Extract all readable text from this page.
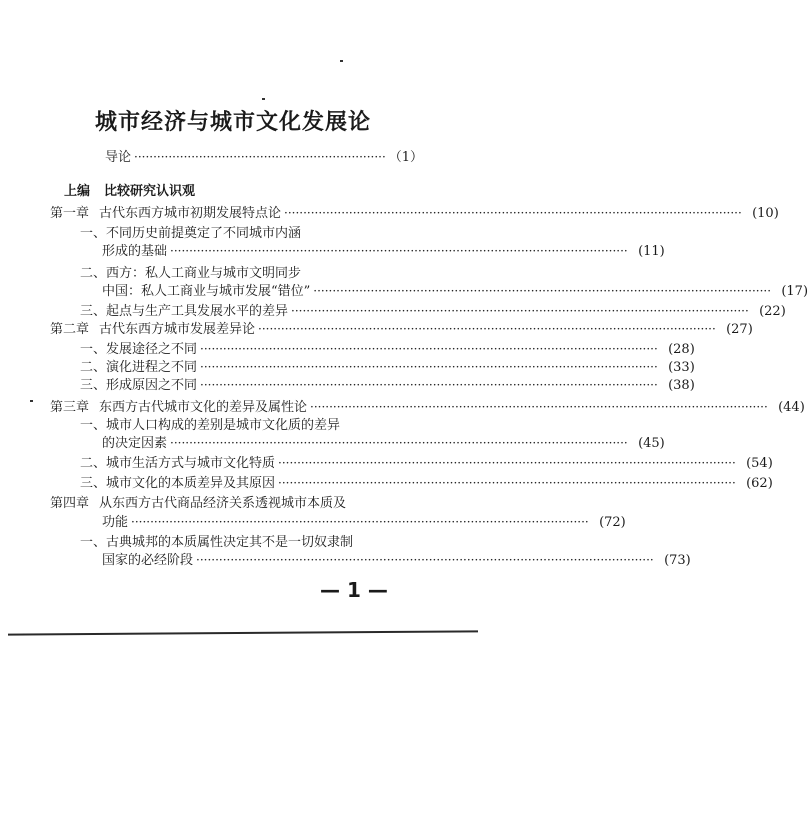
城市经济与城市文化发展论
导论 ·································································· （1）
上编 比较研究认识观
第一章 古代东西方城市初期发展特点论 ························································································································ (10)
一、 不同历史前提奠定了不同城市内涵
形成的基础 ························································································································ (11)
二、 西方：私人工商业与城市文明同步
中国：私人工商业与城市发展“错位” ························································································································ (17)
三、 起点与生产工具发展水平的差异 ························································································································ (22)
第二章 古代东西方城市发展差异论 ························································································································ (27)
一、 发展途径之不同 ························································································································ (28)
二、 演化进程之不同 ························································································································ (33)
三、 形成原因之不同 ························································································································ (38)
第三章 东西方古代城市文化的差异及属性论 ························································································································ (44)
一、 城市人口构成的差别是城市文化质的差异
的决定因素 ························································································································ (45)
二、 城市生活方式与城市文化特质 ························································································································ (54)
三、 城市文化的本质差异及其原因 ························································································································ (62)
第四章 从东西方古代商品经济关系透视城市本质及
功能 ························································································································ (72)
一、 古典城邦的本质属性决定其不是一切奴隶制
国家的必经阶段 ························································································································ (73)
— 1 —
